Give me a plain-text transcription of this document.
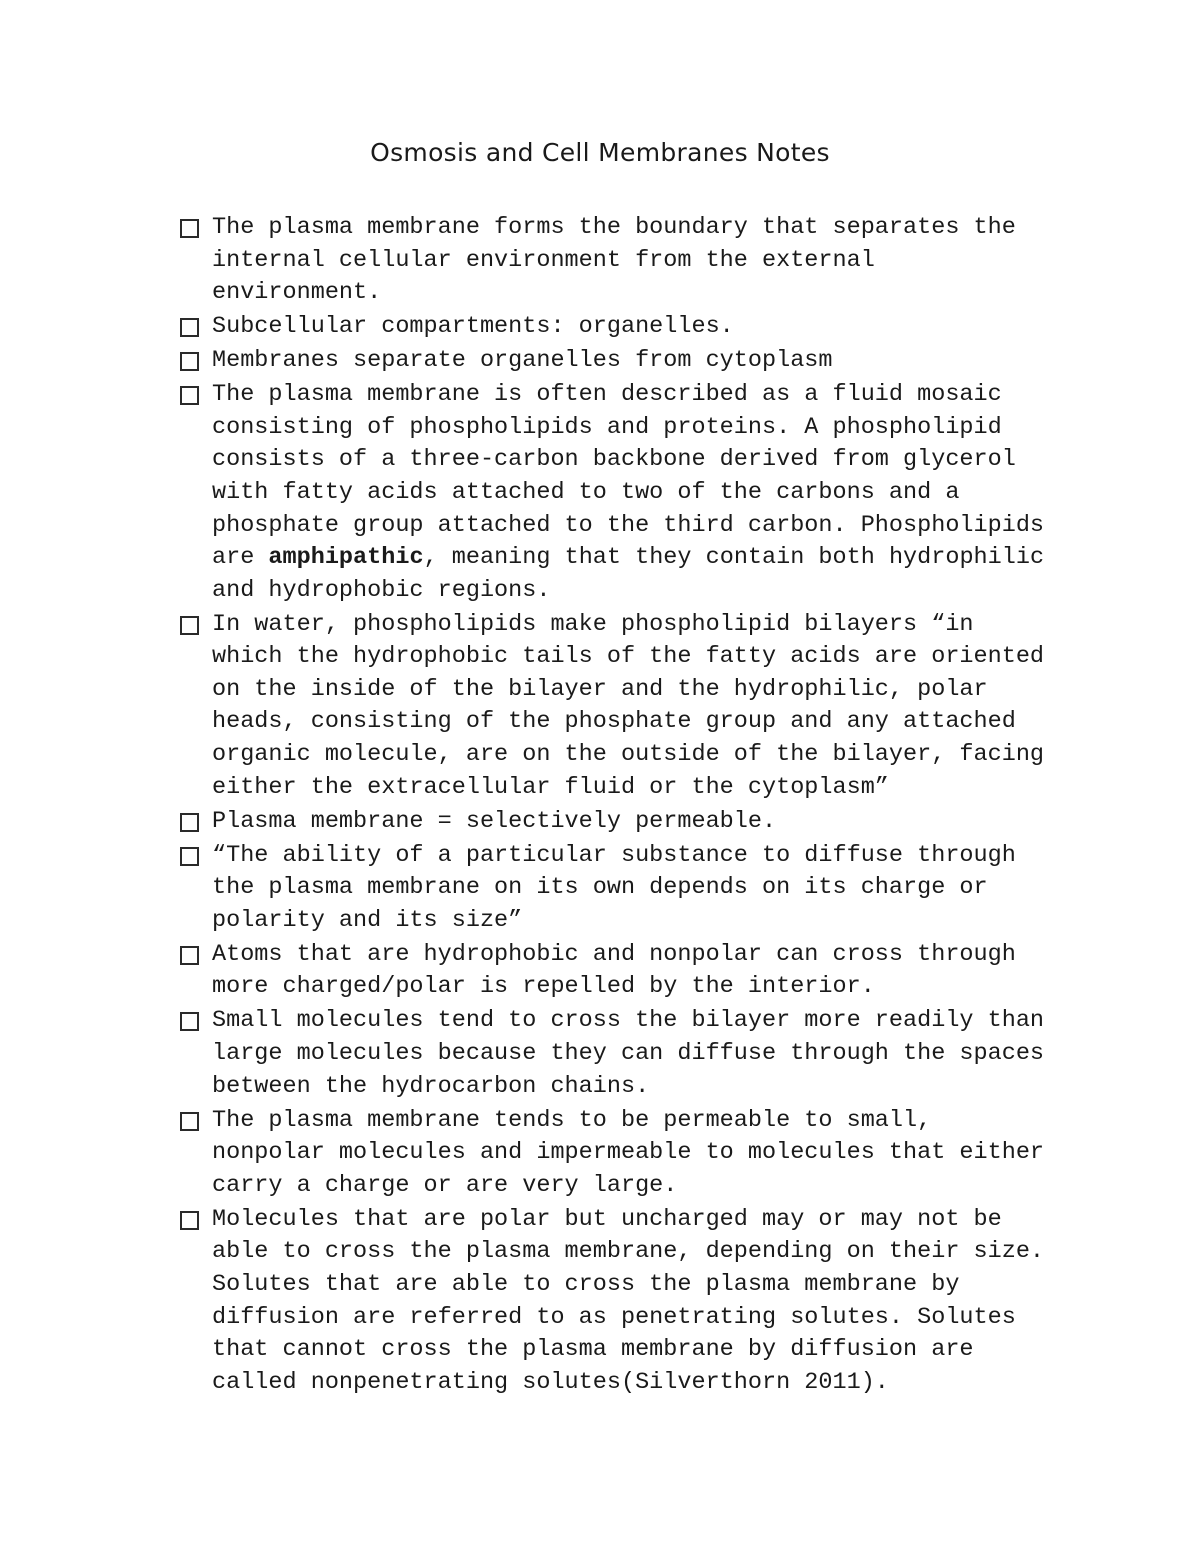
Osmosis and Cell Membranes Notes
The plasma membrane forms the boundary that separates the internal cellular environment from the external environment.
Subcellular compartments: organelles.
Membranes separate organelles from cytoplasm
The plasma membrane is often described as a fluid mosaic consisting of phospholipids and proteins. A phospholipid consists of a three-carbon backbone derived from glycerol with fatty acids attached to two of the carbons and a phosphate group attached to the third carbon. Phospholipids are amphipathic, meaning that they contain both hydrophilic and hydrophobic regions.
In water, phospholipids make phospholipid bilayers “in which the hydrophobic tails of the fatty acids are oriented on the inside of the bilayer and the hydrophilic, polar heads, consisting of the phosphate group and any attached organic molecule, are on the outside of the bilayer, facing either the extracellular fluid or the cytoplasm”
Plasma membrane = selectively permeable.
“The ability of a particular substance to diffuse through the plasma membrane on its own depends on its charge or polarity and its size”
Atoms that are hydrophobic and nonpolar can cross through more charged/polar is repelled by the interior.
Small molecules tend to cross the bilayer more readily than large molecules because they can diffuse through the spaces between the hydrocarbon chains.
The plasma membrane tends to be permeable to small, nonpolar molecules and impermeable to molecules that either carry a charge or are very large.
Molecules that are polar but uncharged may or may not be able to cross the plasma membrane, depending on their size. Solutes that are able to cross the plasma membrane by diffusion are referred to as penetrating solutes. Solutes that cannot cross the plasma membrane by diffusion are called nonpenetrating solutes(Silverthorn 2011).
